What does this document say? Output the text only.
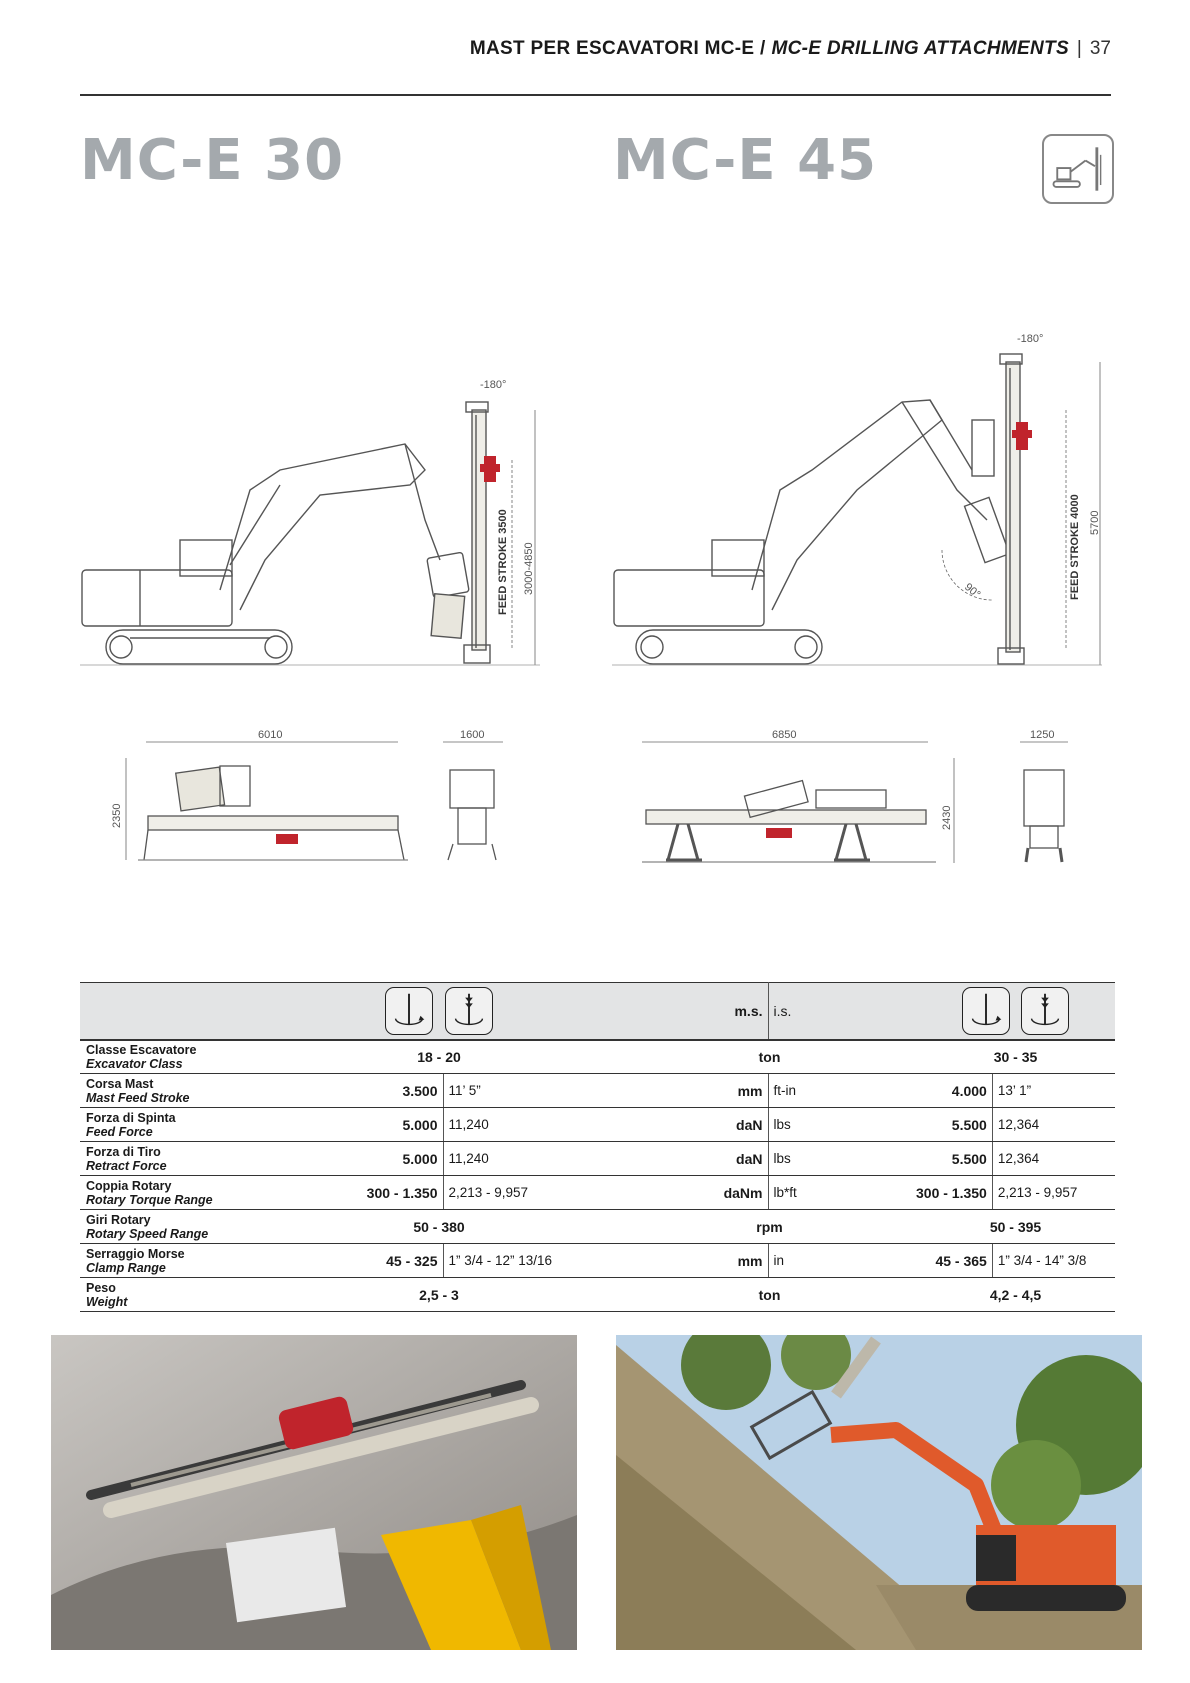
MAST PER ESCAVATORI MC-E / MC-E DRILLING ATTACHMENTS | 37
MC-E 30	MC-E 45
-180°
FEED STROKE 3500 3000-4850
-180°
90°	FEED STROKE 4000 5700
6010
2350
1600	6850
2430
1250
		m.s.	i.s.	

Classe Escavatore
Excavator Class	18 - 20		ton		30 - 35	

Corsa Mast
Mast Feed Stroke	3.500	11’ 5”	mm	ft-in	4.000	13’ 1”

Forza di Spinta
Feed Force	5.000	11,240	daN	lbs	5.500	12,364

Forza di Tiro
Retract Force	5.000	11,240	daN	lbs	5.500	12,364

Coppia Rotary
Rotary Torque Range	300 - 1.350	2,213 - 9,957	daNm	lb*ft	300 - 1.350	2,213 - 9,957

Giri Rotary
Rotary Speed Range	50 - 380		rpm		50 - 395	

Serraggio Morse
Clamp Range	45 - 325	1” 3/4 - 12” 13/16	mm	in	45 - 365	1” 3/4 - 14” 3/8

Peso
Weight	2,5 - 3		ton		4,2 - 4,5	
